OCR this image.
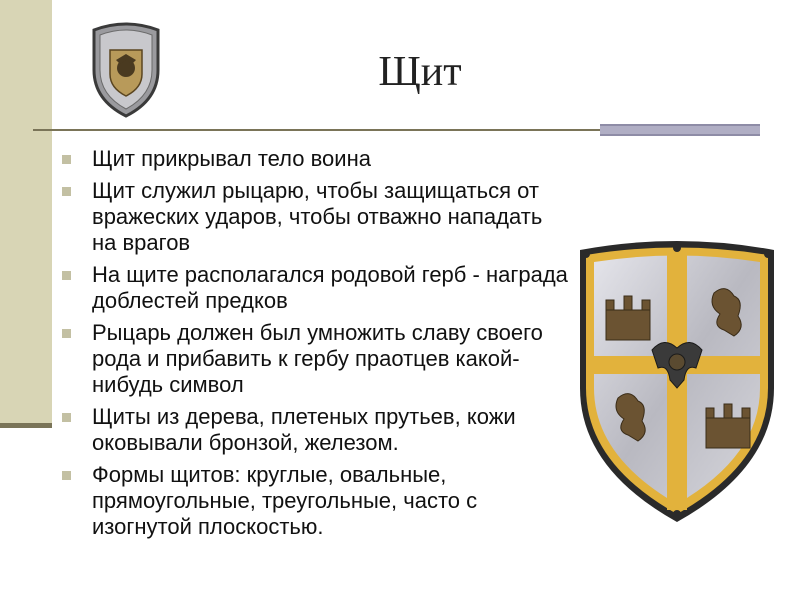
Щит
Щит прикрывал тело воина
Щит служил рыцарю, чтобы защищаться от вражеских ударов, чтобы отважно нападать на врагов
На щите располагался родовой герб - награда доблестей предков
Рыцарь должен был умножить славу своего рода и прибавить к гербу праотцев какой-нибудь символ
Щиты из дерева, плетеных прутьев, кожи оковывали бронзой, железом.
Формы щитов: круглые, овальные, прямоугольные, треугольные, часто с изогнутой плоскостью.
